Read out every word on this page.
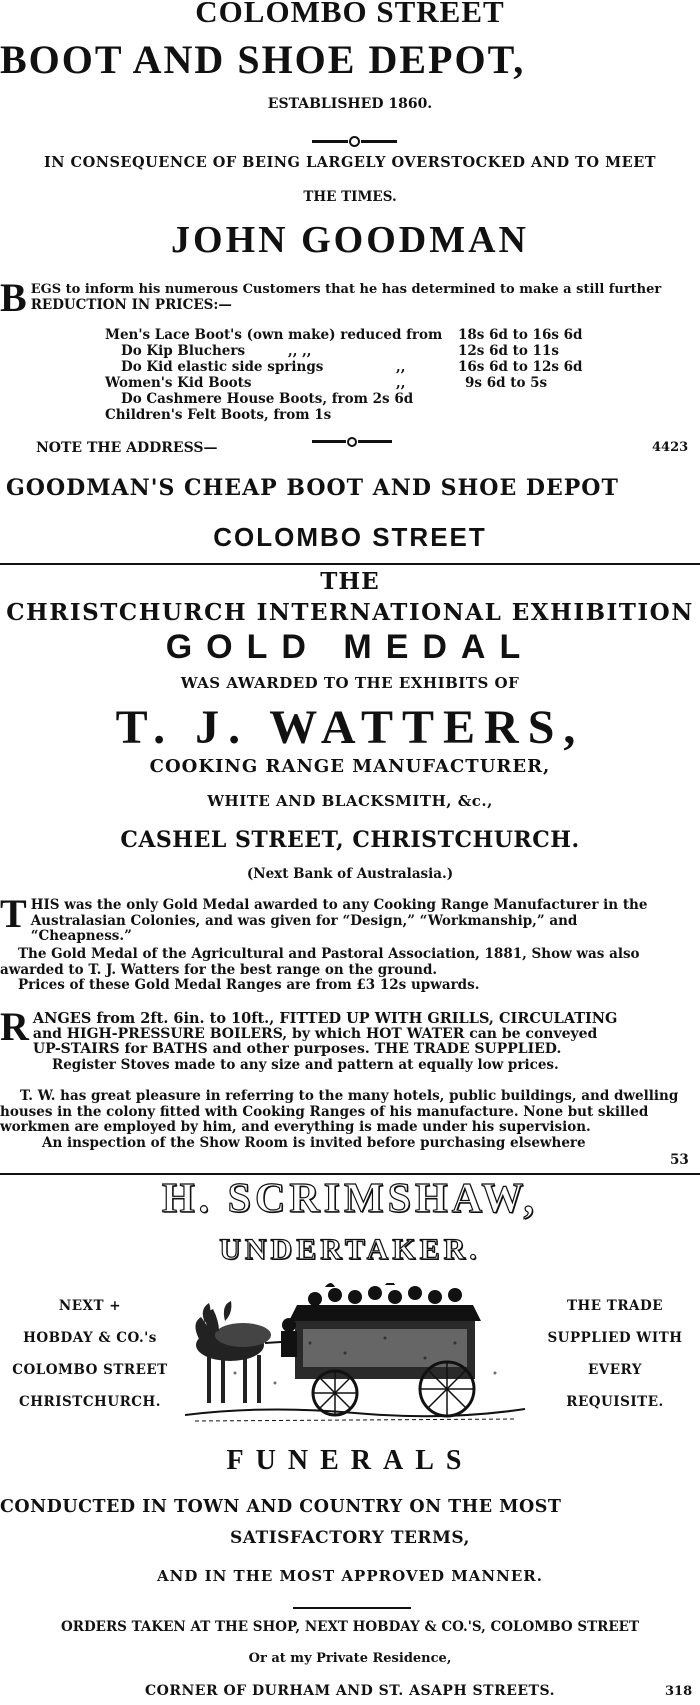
COLOMBO STREET
BOOT AND SHOE DEPOT,
ESTABLISHED 1860.
IN CONSEQUENCE OF BEING LARGELY OVERSTOCKED AND TO MEET
THE TIMES.
JOHN GOODMAN
B EGS to inform his numerous Customers that he has determined to make a still further
REDUCTION IN PRICES:—
Men's Lace Boot's (own make) reduced from 18s 6d to 16s 6d
Do Kip Bluchers	,, ,,	12s 6d to 11s
Do Kid elastic side springs	,,	16s 6d to 12s 6d
Women's Kid Boots	,,	9s 6d to 5s
Do Cashmere House Boots, from 2s 6d
Children's Felt Boots, from 1s
NOTE THE ADDRESS—	4423
GOODMAN'S CHEAP BOOT AND SHOE DEPOT
COLOMBO STREET
THE
CHRISTCHURCH INTERNATIONAL EXHIBITION
GOLD MEDAL
WAS AWARDED TO THE EXHIBITS OF
T. J. WATTERS,
COOKING RANGE MANUFACTURER,
WHITE AND BLACKSMITH, &c.,
CASHEL STREET, CHRISTCHURCH.
(Next Bank of Australasia.)
T HIS was the only Gold Medal awarded to any Cooking Range Manufacturer in the
Australasian Colonies, and was given for “Design,” “Workmanship,” and
“Cheapness.”
The Gold Medal of the Agricultural and Pastoral Association, 1881, Show was also
awarded to T. J. Watters for the best range on the ground.
Prices of these Gold Medal Ranges are from £3 12s upwards.
R ANGES from 2ft. 6in. to 10ft., FITTED UP WITH GRILLS, CIRCULATING
and HIGH-PRESSURE BOILERS, by which HOT WATER can be conveyed
UP-STAIRS for BATHS and other purposes. THE TRADE SUPPLIED.
Register Stoves made to any size and pattern at equally low prices.
T. W. has great pleasure in referring to the many hotels, public buildings, and dwelling
houses in the colony fitted with Cooking Ranges of his manufacture. None but skilled
workmen are employed by him, and everything is made under his supervision.
An inspection of the Show Room is invited before purchasing elsewhere
53
H. SCRIMSHAW,
UNDERTAKER.
NEXT +
HOBDAY & CO.'s
COLOMBO STREET
CHRISTCHURCH.
THE TRADE
SUPPLIED WITH
EVERY
REQUISITE.
FUNERALS
CONDUCTED IN TOWN AND COUNTRY ON THE MOST
SATISFACTORY TERMS,
AND IN THE MOST APPROVED MANNER.
ORDERS TAKEN AT THE SHOP, NEXT HOBDAY & CO.'S, COLOMBO STREET
Or at my Private Residence,
CORNER OF DURHAM AND ST. ASAPH STREETS.	318
